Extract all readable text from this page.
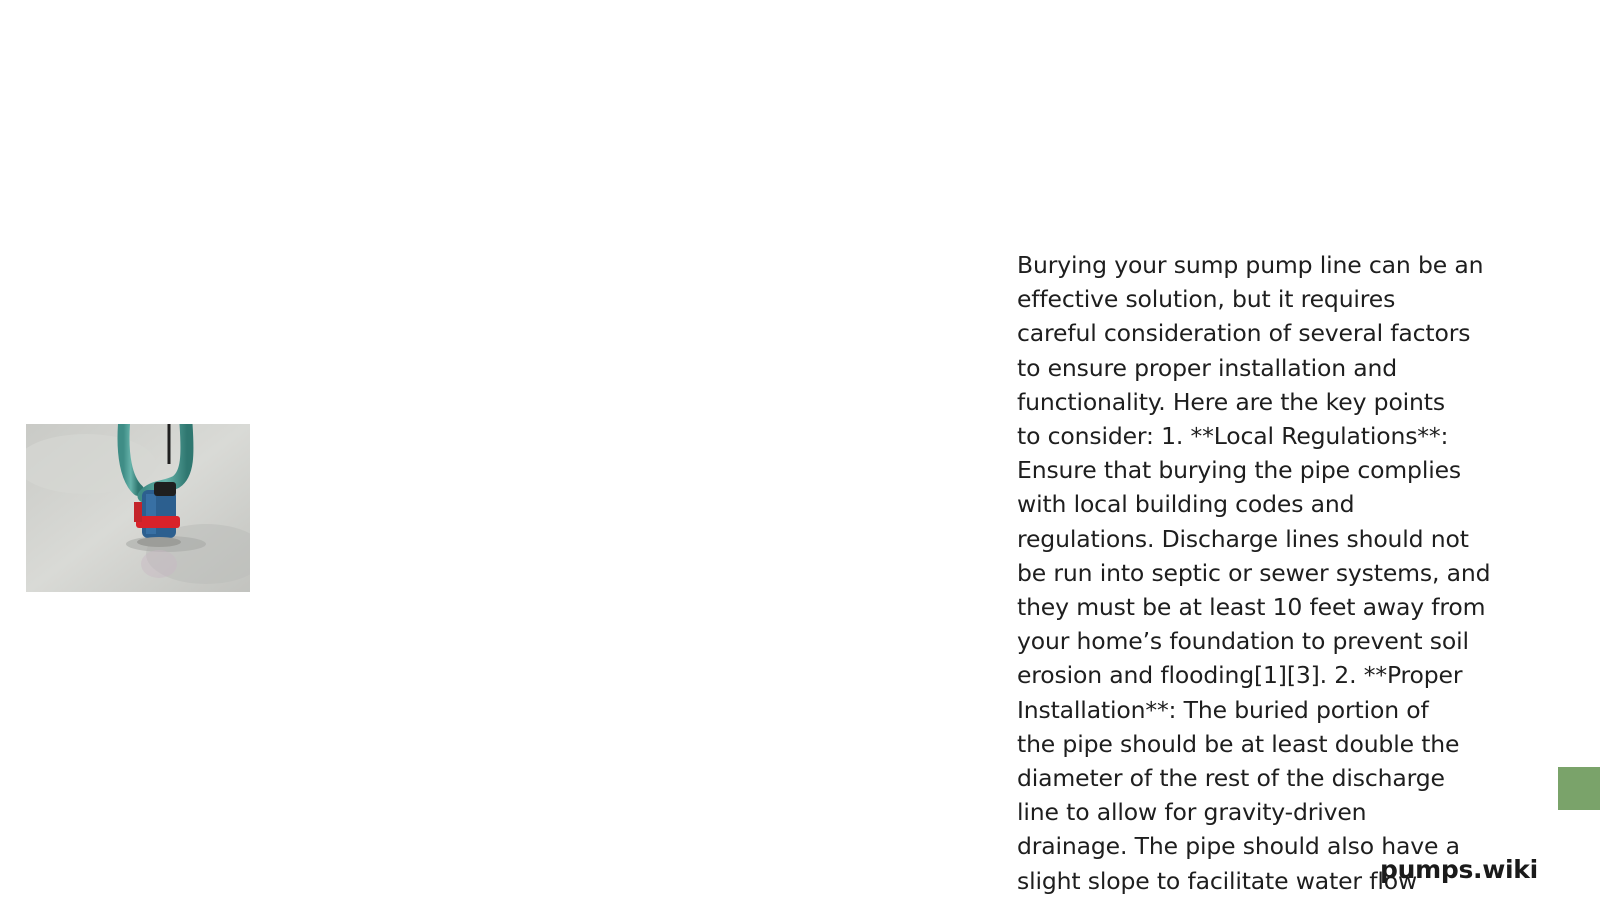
Burying your sump pump line can be an
effective solution, but it requires
careful consideration of several factors
to ensure proper installation and
functionality. Here are the key points
to consider: 1. **Local Regulations**:
Ensure that burying the pipe complies
with local building codes and
regulations. Discharge lines should not
be run into septic or sewer systems, and
they must be at least 10 feet away from
your home’s foundation to prevent soil
erosion and flooding[1][3]. 2. **Proper
Installation**: The buried portion of
the pipe should be at least double the
diameter of the rest of the discharge
line to allow for gravity-driven
drainage. The pipe should also have a
slight slope to facilitate water flow

pumps.wiki
